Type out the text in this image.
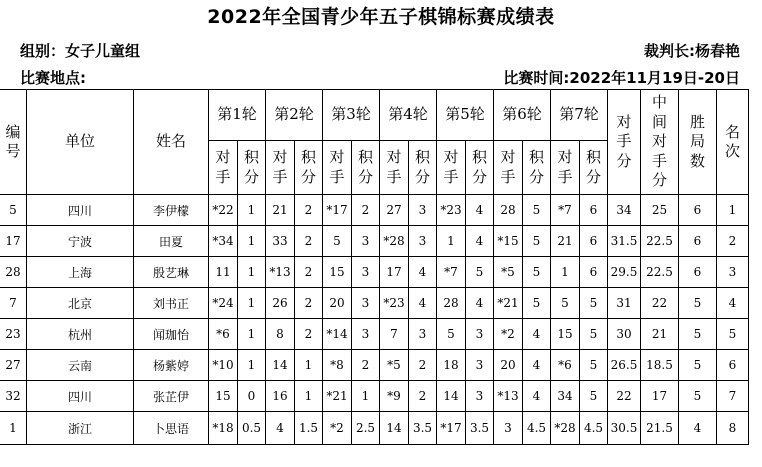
2022年全国青少年五子棋锦标赛成绩表
组别：女子儿童组	裁判长:杨春艳
比赛地点:	比赛时间:2022年11月19日-20日
编
号	单位	姓名	第1轮		第2轮		第3轮		第4轮		第5轮		第6轮		第7轮		对
手
分	中
间
对
手
分	胜
局
数	名
次
			对
手	积
分	对
手	积
分	对
手	积
分	对
手	积
分	对
手	积
分	对
手	积
分	对
手	积
分				
5	四川	李伊檬	*22	1	21	2	*17	2	27	3	*23	4	28	5	*7	6	34	25	6	1
17	宁波	田夏	*34	1	33	2	5	3	*28	3	1	4	*15	5	21	6	31.5	22.5	6	2
28	上海	殷艺琳	11	1	*13	2	15	3	17	4	*7	5	*5	5	1	6	29.5	22.5	6	3
7	北京	刘书正	*24	1	26	2	20	3	*23	4	28	4	*21	5	5	5	31	22	5	4
23	杭州	闻珈怡	*6	1	8	2	*14	3	7	3	5	3	*2	4	15	5	30	21	5	5
27	云南	杨紫婷	*10	1	14	1	*8	2	*5	2	18	3	20	4	*6	5	26.5	18.5	5	6
32	四川	张芷伊	15	0	16	1	*21	1	*9	2	14	3	*13	4	34	5	22	17	5	7
1	浙江	卜思语	*18	0.5	4	1.5	*2	2.5	14	3.5	*17	3.5	3	4.5	*28	4.5	30.5	21.5	4	8
